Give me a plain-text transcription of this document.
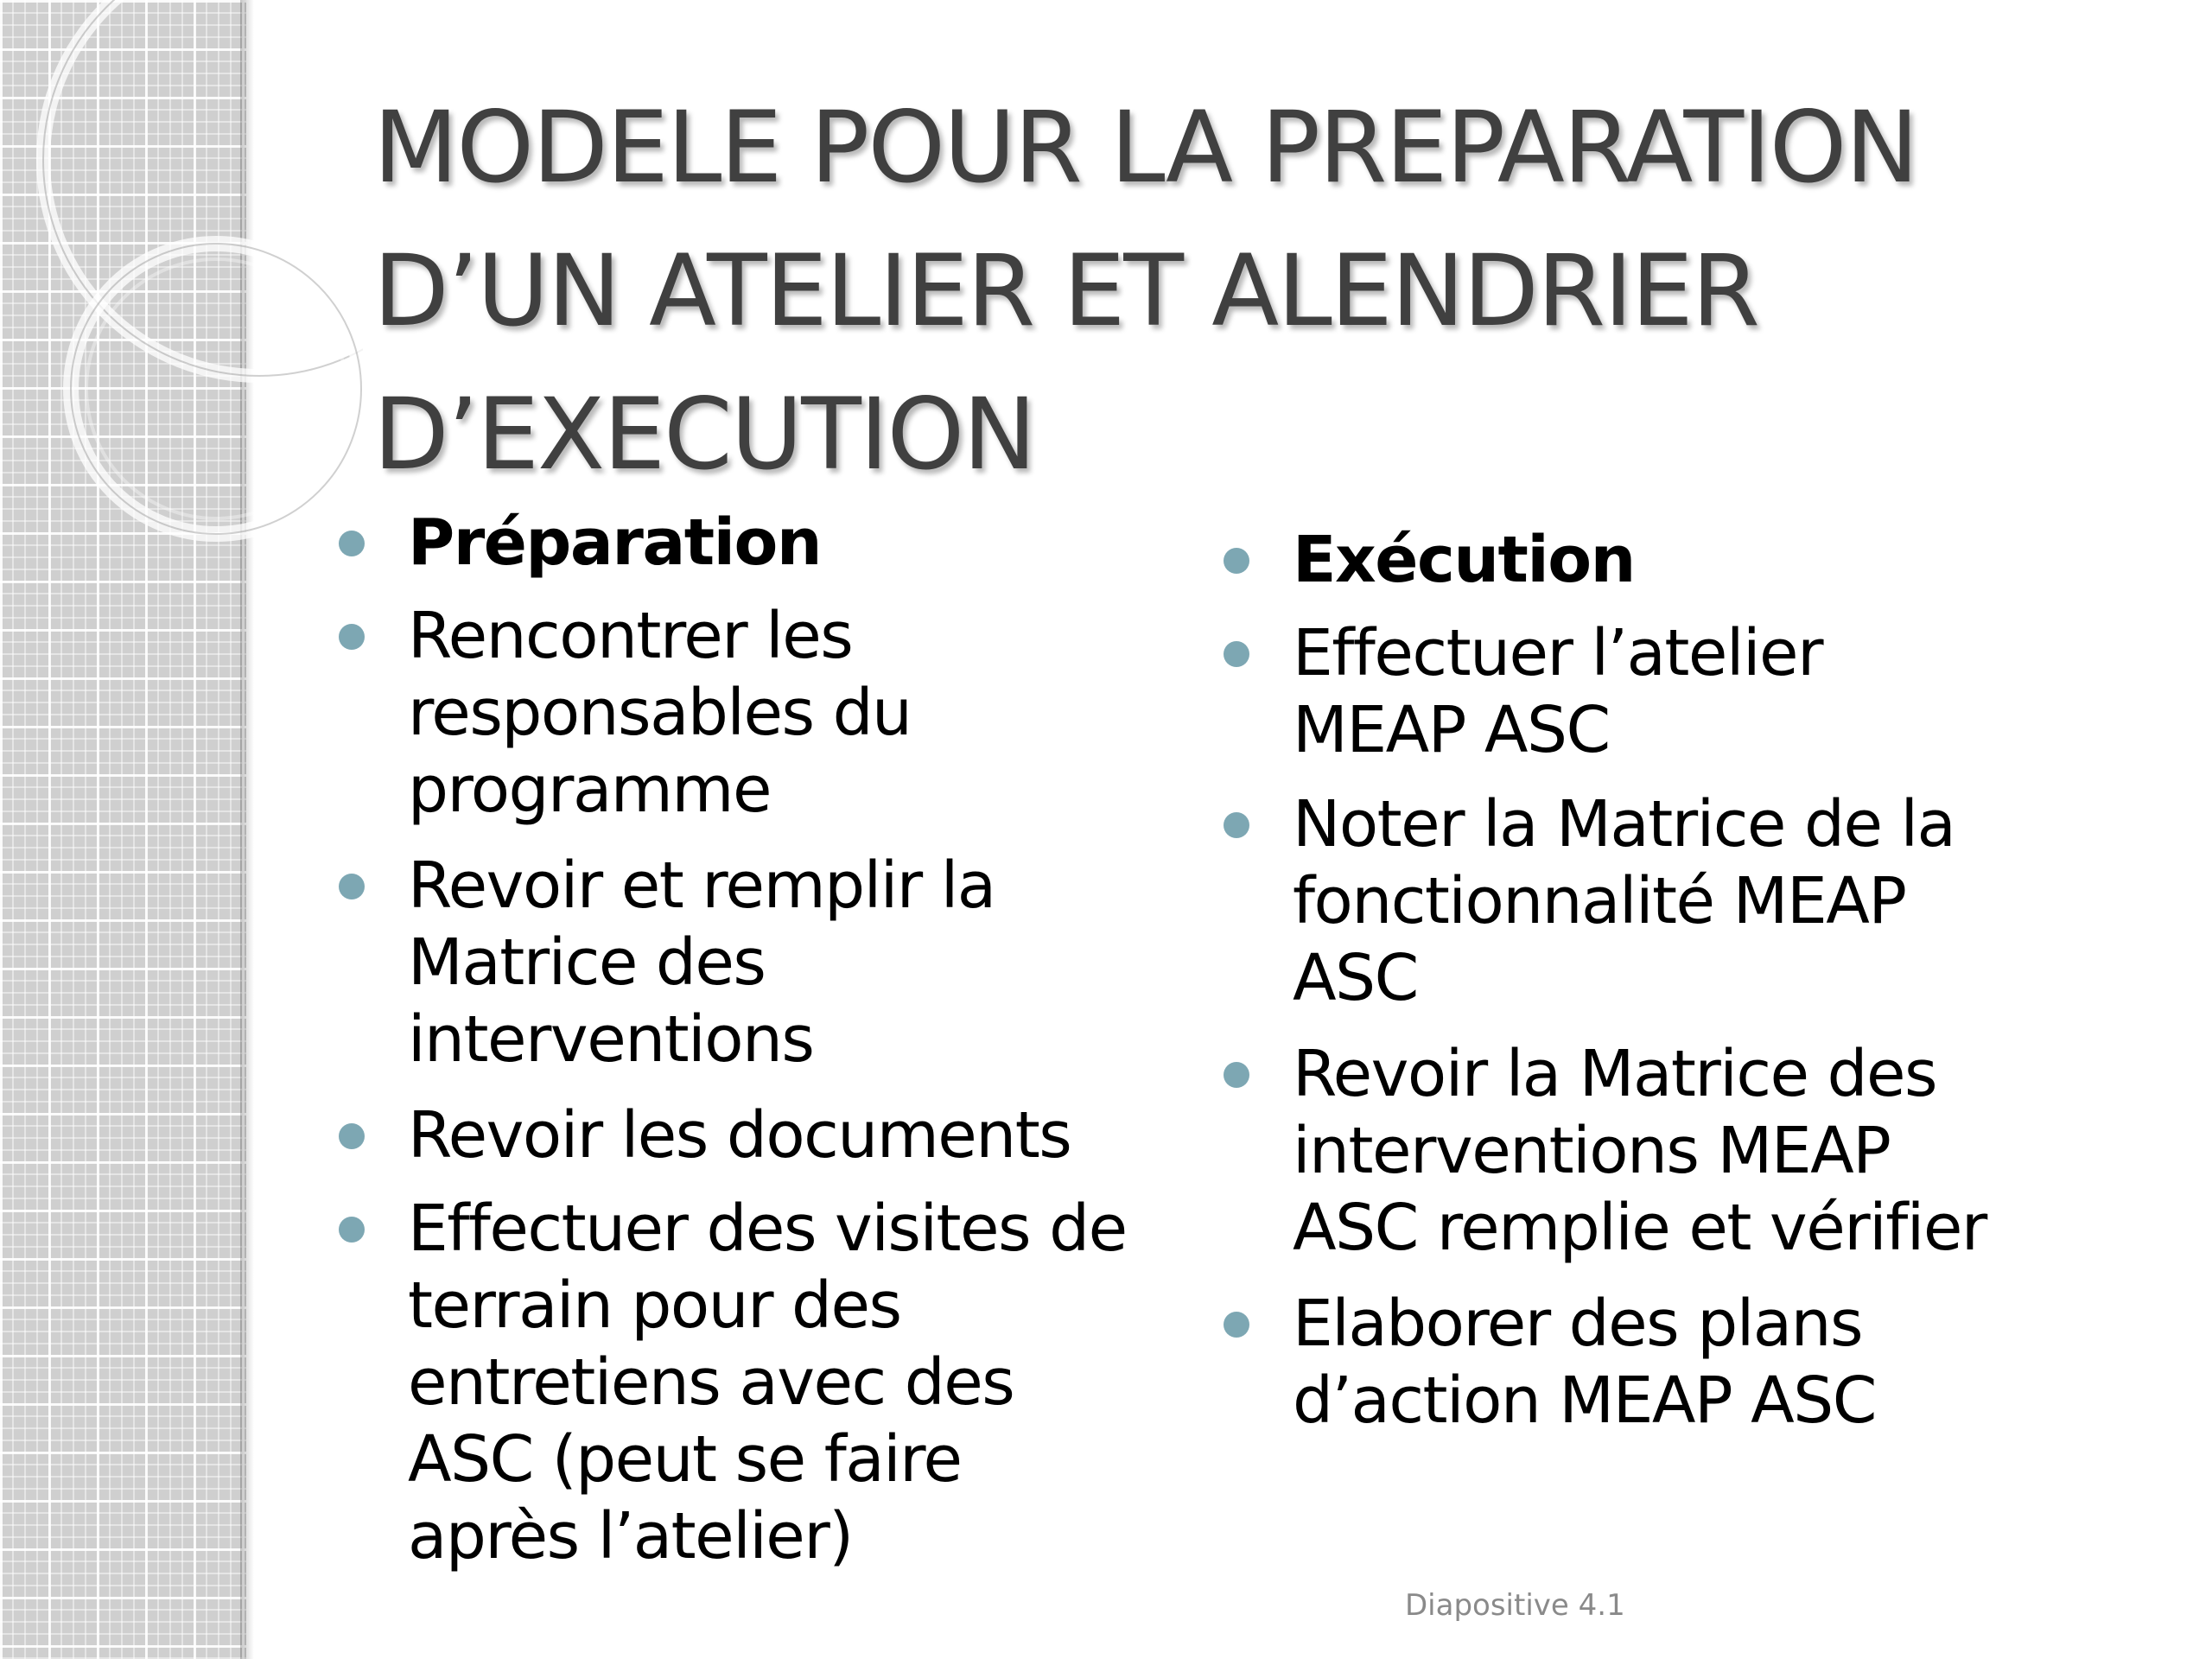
MODELE POUR LA PREPARATION
D’UN ATELIER ET ALENDRIER
D’EXECUTION
Préparation
Rencontrer les
responsables du
programme
Revoir et remplir la
Matrice des
interventions
Revoir les documents
Effectuer des visites de
terrain pour des
entretiens avec des
ASC (peut se faire
après l’atelier)
Exécution
Effectuer l’atelier
MEAP ASC
Noter la Matrice de la
fonctionnalité MEAP
ASC
Revoir la Matrice des
interventions MEAP
ASC remplie et vérifier
Elaborer des plans
d’action MEAP ASC
Diapositive 4.1
